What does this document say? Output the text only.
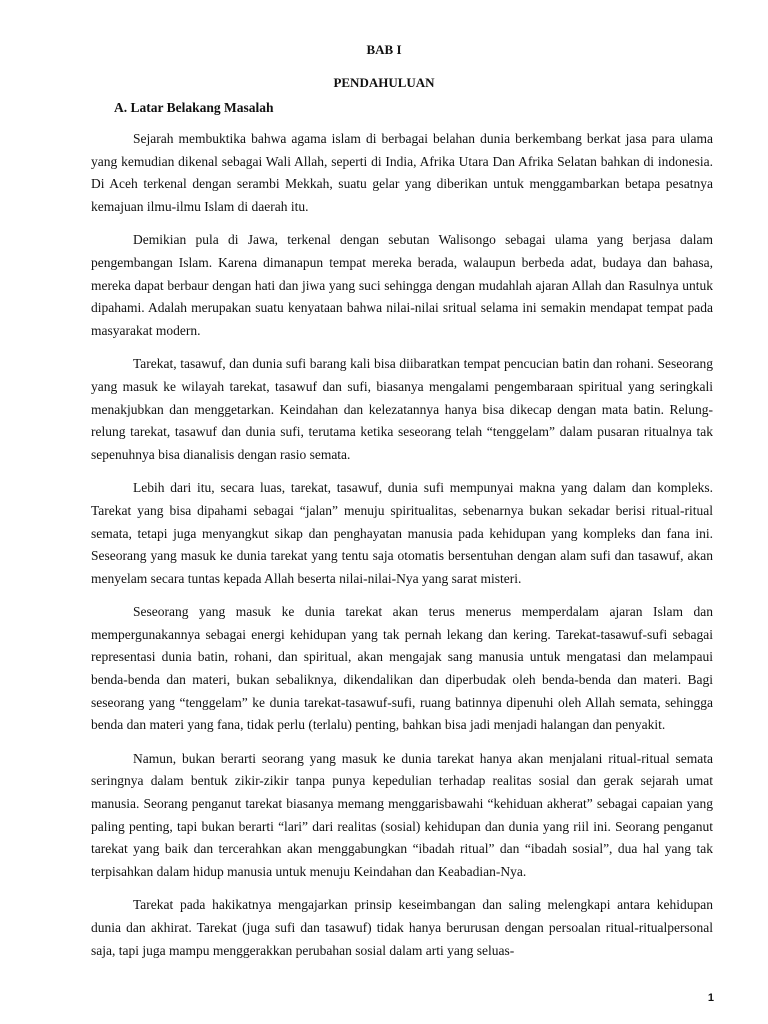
BAB I

PENDAHULUAN

A. Latar Belakang Masalah

Sejarah membuktika bahwa agama islam di berbagai belahan dunia berkembang berkat jasa para ulama yang kemudian dikenal sebagai Wali Allah, seperti di India, Afrika Utara Dan Afrika Selatan bahkan di indonesia. Di Aceh terkenal dengan serambi Mekkah, suatu gelar yang diberikan untuk menggambarkan betapa pesatnya kemajuan ilmu-ilmu Islam di daerah itu.

Demikian pula di Jawa, terkenal dengan sebutan Walisongo sebagai ulama yang berjasa dalam pengembangan Islam. Karena dimanapun tempat mereka berada, walaupun berbeda adat, budaya dan bahasa, mereka dapat berbaur dengan hati dan jiwa yang suci sehingga dengan mudahlah ajaran Allah dan Rasulnya untuk dipahami. Adalah merupakan suatu kenyataan bahwa nilai-nilai sritual selama ini semakin mendapat tempat pada masyarakat modern.

Tarekat, tasawuf, dan dunia sufi barang kali bisa diibaratkan tempat pencucian batin dan rohani. Seseorang yang masuk ke wilayah tarekat, tasawuf dan sufi, biasanya mengalami pengembaraan spiritual yang seringkali menakjubkan dan menggetarkan. Keindahan dan kelezatannya hanya bisa dikecap dengan mata batin. Relung-relung tarekat, tasawuf dan dunia sufi, terutama ketika seseorang telah “tenggelam” dalam pusaran ritualnya tak sepenuhnya bisa dianalisis dengan rasio semata.

Lebih dari itu, secara luas, tarekat, tasawuf, dunia sufi mempunyai makna yang dalam dan kompleks. Tarekat yang bisa dipahami sebagai “jalan” menuju spiritualitas, sebenarnya bukan sekadar berisi ritual-ritual semata, tetapi juga menyangkut sikap dan penghayatan manusia pada kehidupan yang kompleks dan fana ini. Seseorang yang masuk ke dunia tarekat yang tentu saja otomatis bersentuhan dengan alam sufi dan tasawuf, akan menyelam secara tuntas kepada Allah beserta nilai-nilai-Nya yang sarat misteri.

Seseorang yang masuk ke dunia tarekat akan terus menerus memperdalam ajaran Islam dan mempergunakannya sebagai energi kehidupan yang tak pernah lekang dan kering. Tarekat-tasawuf-sufi sebagai representasi dunia batin, rohani, dan spiritual, akan mengajak sang manusia untuk mengatasi dan melampaui benda-benda dan materi, bukan sebaliknya, dikendalikan dan diperbudak oleh benda-benda dan materi. Bagi seseorang yang “tenggelam” ke dunia tarekat-tasawuf-sufi, ruang batinnya dipenuhi oleh Allah semata, sehingga benda dan materi yang fana, tidak perlu (terlalu) penting, bahkan bisa jadi menjadi halangan dan penyakit.

Namun, bukan berarti seorang yang masuk ke dunia tarekat hanya akan menjalani ritual-ritual semata seringnya dalam bentuk zikir-zikir tanpa punya kepedulian terhadap realitas sosial dan gerak sejarah umat manusia. Seorang penganut tarekat biasanya memang menggarisbawahi “kehiduan akherat” sebagai capaian yang paling penting, tapi bukan berarti “lari” dari realitas (sosial) kehidupan dan dunia yang riil ini. Seorang penganut tarekat yang baik dan tercerahkan akan menggabungkan “ibadah ritual” dan “ibadah sosial”, dua hal yang tak terpisahkan dalam hidup manusia untuk menuju Keindahan dan Keabadian-Nya.

Tarekat pada hakikatnya mengajarkan prinsip keseimbangan dan saling melengkapi antara kehidupan dunia dan akhirat. Tarekat (juga sufi dan tasawuf) tidak hanya berurusan dengan persoalan ritual-ritualpersonal saja, tapi juga mampu menggerakkan perubahan sosial dalam arti yang seluas-

1
